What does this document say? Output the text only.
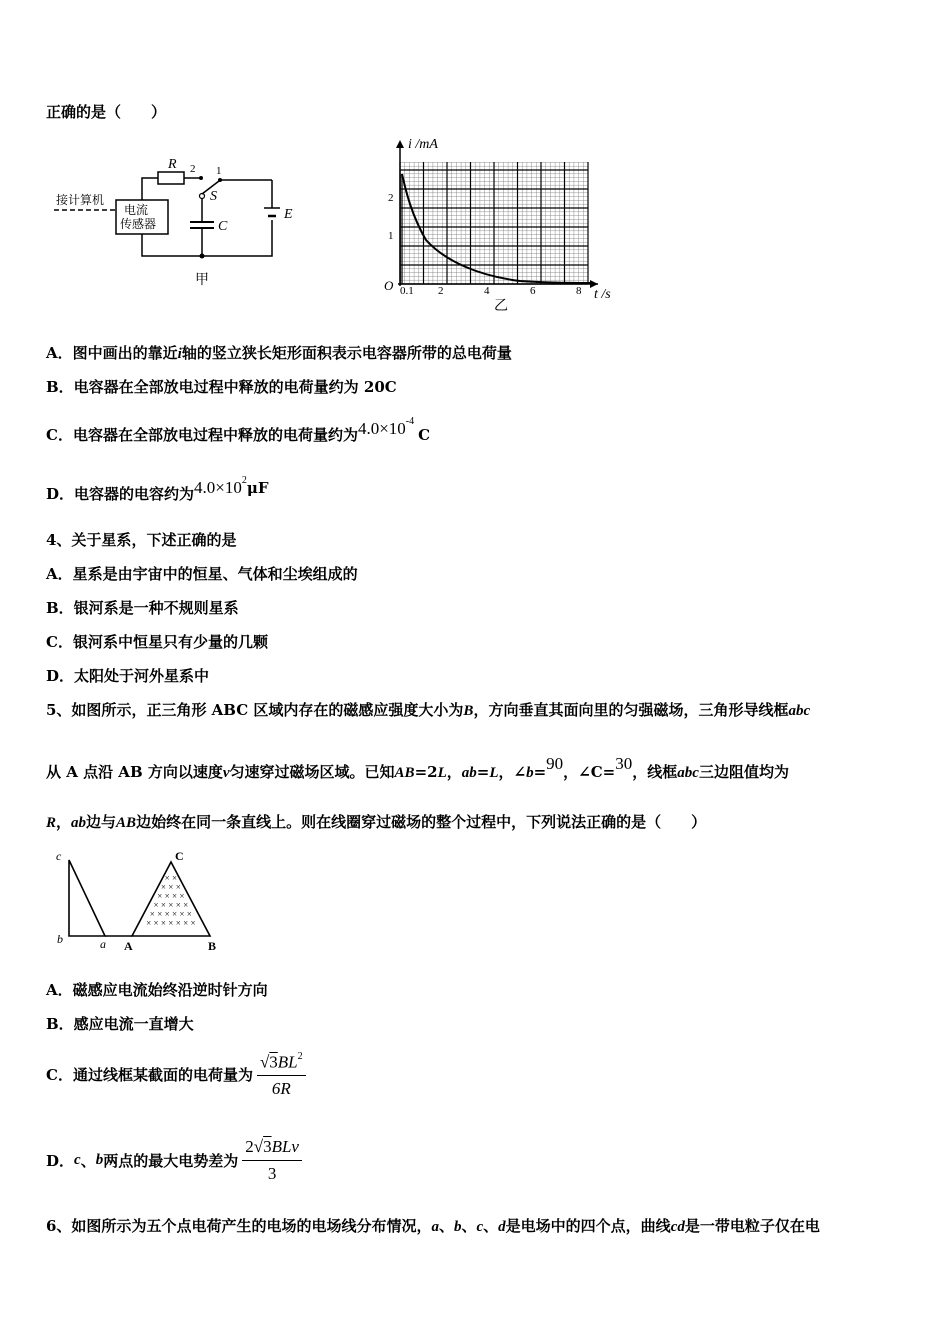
正确的是（　　）
接计算机
电流
传感器
R 2 1
S
C
E
甲
i /mA
t /s
O 0.1 2	4	6	8
1
2
乙
A．图中画出的靠近i轴的竖立狭长矩形面积表示电容器所带的总电荷量
B．电容器在全部放电过程中释放的电荷量约为 20C
C．电容器在全部放电过程中释放的电荷量约为$4.0\times 10^{-4}C$
D．电容器的电容约为$4.0\times 10^2\mu F$
4、关于星系，下述正确的是
A．星系是由宇宙中的恒星、气体和尘埃组成的
B．银河系是一种不规则星系
C．银河系中恒星只有少量的几颗
D．太阳处于河外星系中
5、如图所示，正三角形 ABC 区域内存在的磁感应强度大小为B，方向垂直其面向里的匀强磁场，三角形导线框abc
从 A 点沿 AB 方向以速度v匀速穿过磁场区域。已知AB=2L，ab=L，∠b=90，∠C=30，线框abc三边阻值均为
R，ab边与AB边始终在同一条直线上。则在线圈穿过磁场的整个过程中，下列说法正确的是（　　）
× ×
× × ×
× × × ×
× × × × ×
× × × × × ×
× × × × × × ×
c
b	a A	B
C
A．磁感应电流始终沿逆时针方向
B．感应电流一直增大
C．通过线框某截面的电荷量为 $\frac{√3BL^2}{6R}$
D． c 、 b 两点的最大电势差为 $\frac{\text{2√3BLv}}{3}$
6、如图所示为五个点电荷产生的电场的电场线分布情况，a、b、c、d是电场中的四个点，曲线cd是一带电粒子仅在电
